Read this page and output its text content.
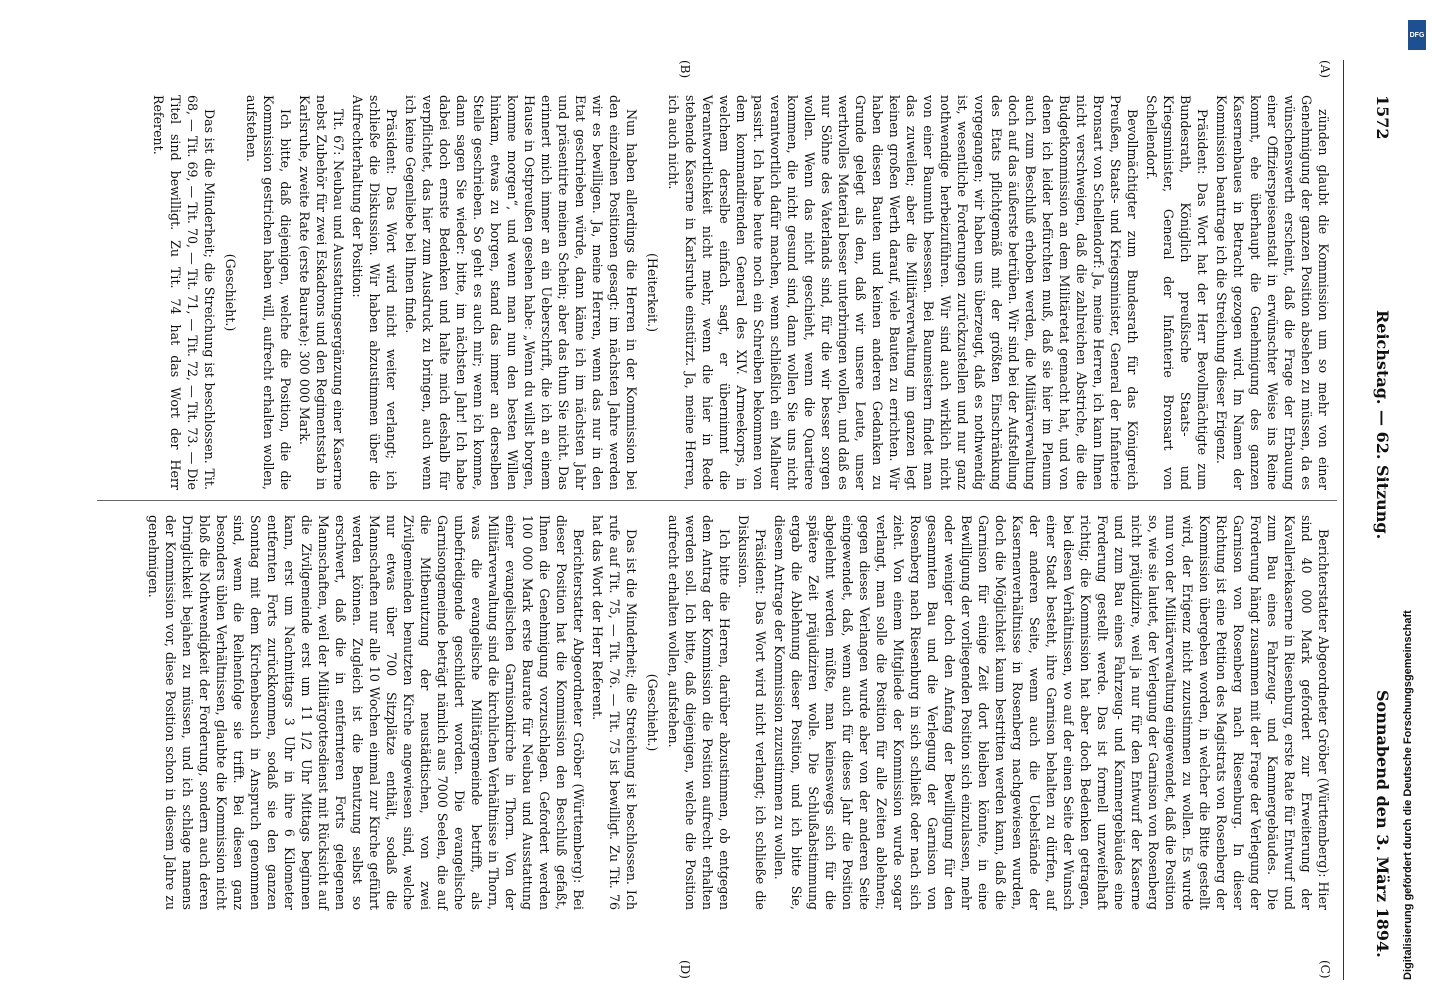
1572
Reichstag. — 62. Sitzung.
Sonnabend den 3. März 1894.
(A)
(B)
(C)
(D)

zünden glaubt die Kommission um so mehr von einer Genehmigung der ganzen Position absehen zu müssen, da es wünschenswerth erscheint, daß die Frage der Erbauung einer Offizierspeiseanstalt in erwünschter Weise ins Reine kommt, ehe überhaupt die Genehmigung des ganzen Kasernenbaues in Betracht gezogen wird. Im Namen der Kommission beantrage ich die Streichung dieser Erigenz.

Präsident: Das Wort hat der Herr Bevollmächtigte zum Bundesrath, Königlich preußische Staats- und Kriegsminister, General der Infanterie Bronsart von Schellendorf.

Bevollmächtigter zum Bundesrath für das Königreich Preußen, Staats- und Kriegsminister, General der Infanterie Bronsart von Schellendorf: Ja, meine Herren, ich kann Ihnen nicht verschweigen, daß die zahlreichen Abstriche, die die Budgetkommission an dem Militäretat gemacht hat, und von denen ich leider befürchten muß, daß sie hier im Plenum auch zum Beschluß erhoben werden, die Militärverwaltung doch auf das äußerste betrüben. Wir sind bei der Aufstellung des Etats pflichtgemäß mit der größten Einschränkung vorgegangen; wir haben uns überzeugt, daß es nothwendig ist, wesentliche Forderungen zurückzustellen und nur ganz nothwendige herbeizuführen. Wir sind auch wirklich nicht von einer Baumuth besessen. Bei Baumeistern findet man das zuweilen; aber die Militärverwaltung im ganzen legt keinen großen Werth darauf, viele Bauten zu errichten. Wir haben diesen Bauten und keinen anderen Gedanken zu Grunde gelegt als den, daß wir unsere Leute, unser werthvolles Material besser unterbringen wollen, und daß es nur Söhne des Vaterlands sind, für die wir besser sorgen wollen. Wenn das nicht geschieht, wenn die Quartiere kommen, die nicht gesund sind, dann wollen Sie uns nicht verantwortlich dafür machen, wenn schließlich ein Malheur passirt. Ich habe heute noch ein Schreiben bekommen von dem kommandirenden General des XIV. Armeekorps, in welchem derselbe einfach sagt, er übernimmt die Verantwortlichkeit nicht mehr, wenn die hier in Rede stehende Kaserne in Karlsruhe einstürzt. Ja, meine Herren, ich auch nicht.

(Heiterkeit.)

Nun haben allerdings die Herren in der Kommission bei den einzelnen Positionen gesagt: im nächsten Jahre werden wir es bewilligen. Ja, meine Herren, wenn das nur in den Etat geschrieben würde, dann käme ich im nächsten Jahr und präsentirte meinen Schein; aber das thun Sie nicht. Das erinnert mich immer an ein Ueberschrift, die ich an einem Hause in Ostpreußen gesehen habe: „Wenn du willst borgen, komme morgen“, und wenn man nun den besten Willen hinkam, etwas zu borgen, stand das immer an derselben Stelle geschrieben. So geht es auch mir; wenn ich komme, dann sagen Sie wieder: bitte, im nächsten Jahr! Ich habe dabei doch ernste Bedenken und halte mich deshalb für verpflichtet, das hier zum Ausdruck zu bringen, auch wenn ich keine Gegenliebe bei Ihnen finde.

Präsident: Das Wort wird nicht weiter verlangt; ich schließe die Diskussion. Wir haben abzustimmen über die Aufrechterhaltung der Position:

Tit. 67: Neubau und Ausstattungsergänzung einer Kaserne nebst Zubehör für zwei Eskadrons und den Regimentsstab in Karlsruhe, zweite Rate (erste Baurate): 300 000 Mark.

Ich bitte, daß diejenigen, welche die Position, die die Kommission gestrichen haben will, aufrecht erhalten wollen, aufstehen.

(Geschieht.)

Das ist die Minderheit; die Streichung ist beschlossen. Tit. 68, — Tit. 69, — Tit. 70, — Tit. 71, — Tit. 72, — Tit. 73. — Die Titel sind bewilligt. Zu Tit. 74 hat das Wort der Herr Referent.

Berichterstatter Abgeordneter Gröber (Württemberg): Hier sind 40 000 Mark gefordert zur Erweiterung der Kavalleriekaserne in Riesenburg, erste Rate für Entwurf und zum Bau eines Fahrzeug- und Kammergebäudes. Die Forderung hängt zusammen mit der Frage der Verlegung der Garnison von Rosenberg nach Riesenburg. In dieser Richtung ist eine Petition des Magistrats von Rosenberg der Kommission übergeben worden, in welcher die Bitte gestellt wird, der Erigenz nicht zuzustimmen zu wollen. Es wurde nun von der Militärverwaltung eingewendet, daß die Position so, wie sie lautet, der Verlegung der Garnison von Rosenberg nicht präjudizire, weil ja nur für den Entwurf der Kaserne und zum Bau eines Fahrzeug- und Kammergebäudes eine Forderung gestellt werde. Das ist formell unzweifelhaft richtig; die Kommission hat aber doch Bedenken getragen, bei diesen Verhältnissen, wo auf der einen Seite der Wunsch einer Stadt besteht, ihre Garnison behalten zu dürfen, auf der anderen Seite, wenn auch die Uebelstände der Kasernenverhältnisse in Rosenberg nachgewiesen wurden, doch die Möglichkeit kaum bestritten werden kann, daß die Garnison für einige Zeit dort bleiben könnte, in eine Bewilligung der vorliegenden Position sich einzulassen, mehr oder weniger doch den Anfang der Bewilligung für den gesammten Bau und die Verlegung der Garnison von Rosenberg nach Riesenburg in sich schließt oder nach sich zieht. Von einem Mitgliede der Kommission wurde sogar verlangt, man solle die Position für alle Zeiten ablehnen; gegen dieses Verlangen wurde aber von der anderen Seite eingewendet, daß, wenn auch für dieses Jahr die Position abgelehnt werden müßte, man keineswegs sich für die spätere Zeit präjudiziren wolle. Die Schlußabstimmung ergab die Ablehnung dieser Position, und ich bitte Sie, diesem Antrage der Kommission zuzustimmen zu wollen.

Präsident: Das Wort wird nicht verlangt; ich schließe die Diskussion.

Ich bitte die Herren, darüber abzustimmen, ob entgegen dem Antrag der Kommission die Position aufrecht erhalten werden soll. Ich bitte, daß diejenigen, welche die Position aufrecht erhalten wollen, aufstehen.

(Geschieht.)

Das ist die Minderheit; die Streichung ist beschlossen. Ich rufe auf Tit. 75, — Tit. 76. — Tit. 75 ist bewilligt. Zu Tit. 76 hat das Wort der Herr Referent.

Berichterstatter Abgeordneter Gröber (Württemberg): Bei dieser Position hat die Kommission den Beschluß gefaßt, Ihnen die Genehmigung vorzuschlagen. Gefordert werden 100 000 Mark erste Baurate für Neubau und Ausstattung einer evangelischen Garnisonkirche in Thorn. Von der Militärverwaltung sind die kirchlichen Verhältnisse in Thorn, was die evangelische Militärgemeinde betrifft, als unbefriedigende geschildert worden. Die evangelische Garnisongemeinde beträgt nämlich aus 7000 Seelen, die auf die Mitbenutzung der neustädtischen, von zwei Zivilgemeinden benutzten Kirche angewiesen sind, welche nur etwas über 700 Sitzplätze enthält, sodaß die Mannschaften nur alle 10 Wochen einmal zur Kirche geführt werden können. Zugleich ist die Benutzung selbst so erschwert, daß die in entfernteren Forts gelegenen Mannschaften, weil der Militärgottesdienst mit Rücksicht auf die Zivilgemeinde erst um 11 1/2 Uhr Mittags beginnen kann, erst um Nachmittags 3 Uhr in ihre 6 Kilometer entfernten Forts zurückkommen, sodaß sie den ganzen Sonntag mit dem Kirchenbesuch in Anspruch genommen sind, wenn die Reihenfolge sie trifft. Bei diesen ganz besonders üblen Verhältnissen, glaubte die Kommission nicht bloß die Nothwendigkeit der Forderung, sondern auch deren Dringlichkeit bejahen zu müssen, und ich schlage namens der Kommission vor, diese Position schon in diesem Jahre zu genehmigen.

Digitalisierung gefördert durch die Deutsche Forschungsgemeinschaft
DFG
